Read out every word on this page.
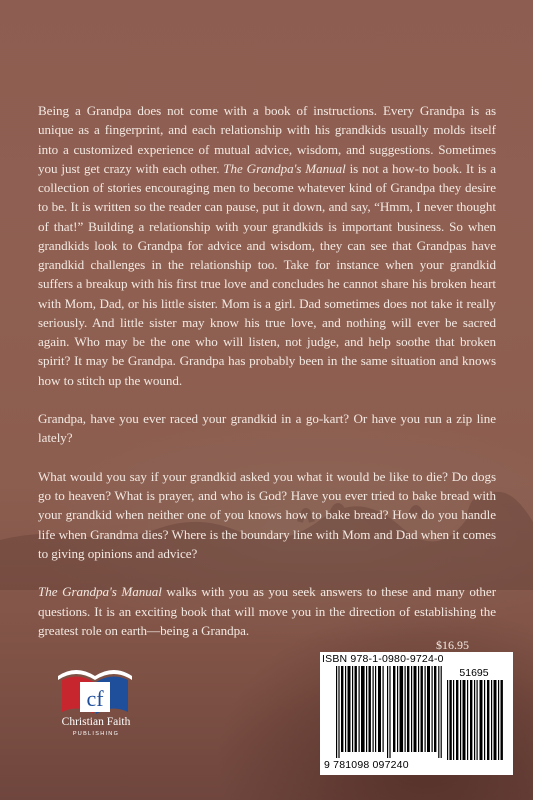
Being a Grandpa does not come with a book of instructions. Every Grandpa is as unique as a fingerprint, and each relationship with his grandkids usually molds itself into a customized experience of mutual advice, wisdom, and suggestions. Sometimes you just get crazy with each other. The Grandpa's Manual is not a how-to book. It is a collection of stories encouraging men to become whatever kind of Grandpa they desire to be. It is written so the reader can pause, put it down, and say, “Hmm, I never thought of that!” Building a relationship with your grandkids is important business. So when grandkids look to Grandpa for advice and wisdom, they can see that Grandpas have grandkid challenges in the relationship too. Take for instance when your grandkid suffers a breakup with his first true love and concludes he cannot share his broken heart with Mom, Dad, or his little sister. Mom is a girl. Dad sometimes does not take it really seriously. And little sister may know his true love, and nothing will ever be sacred again. Who may be the one who will listen, not judge, and help soothe that broken spirit? It may be Grandpa. Grandpa has probably been in the same situation and knows how to stitch up the wound.

Grandpa, have you ever raced your grandkid in a go-kart? Or have you run a zip line lately?

What would you say if your grandkid asked you what it would be like to die? Do dogs go to heaven? What is prayer, and who is God? Have you ever tried to bake bread with your grandkid when neither one of you knows how to bake bread? How do you handle life when Grandma dies? Where is the boundary line with Mom and Dad when it comes to giving opinions and advice?

The Grandpa's Manual walks with you as you seek answers to these and many other questions. It is an exciting book that will move you in the direction of establishing the greatest role on earth—being a Grandpa.

cf
Christian Faith
PUBLISHING
$16.95
ISBN 978-1-0980-9724-0
51695
9 781098 097240
